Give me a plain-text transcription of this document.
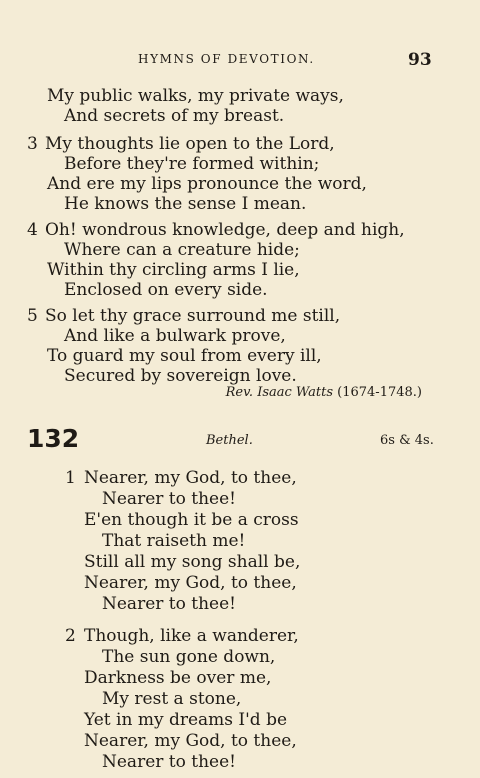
HYMNS OF DEVOTION.	93
My public walks, my private ways,
And secrets of my breast.
3 My thoughts lie open to the Lord,
Before they're formed within;
And ere my lips pronounce the word,
He knows the sense I mean.
4 Oh! wondrous knowledge, deep and high,
Where can a creature hide;
Within thy circling arms I lie,
Enclosed on every side.
5 So let thy grace surround me still,
And like a bulwark prove,
To guard my soul from every ill,
Secured by sovereign love.
Rev. Isaac Watts (1674-1748.)
132	Bethel.	6s & 4s.
1 Nearer, my God, to thee,
Nearer to thee!
E'en though it be a cross
That raiseth me!
Still all my song shall be,
Nearer, my God, to thee,
Nearer to thee!
2 Though, like a wanderer,
The sun gone down,
Darkness be over me,
My rest a stone,
Yet in my dreams I'd be
Nearer, my God, to thee,
Nearer to thee!
